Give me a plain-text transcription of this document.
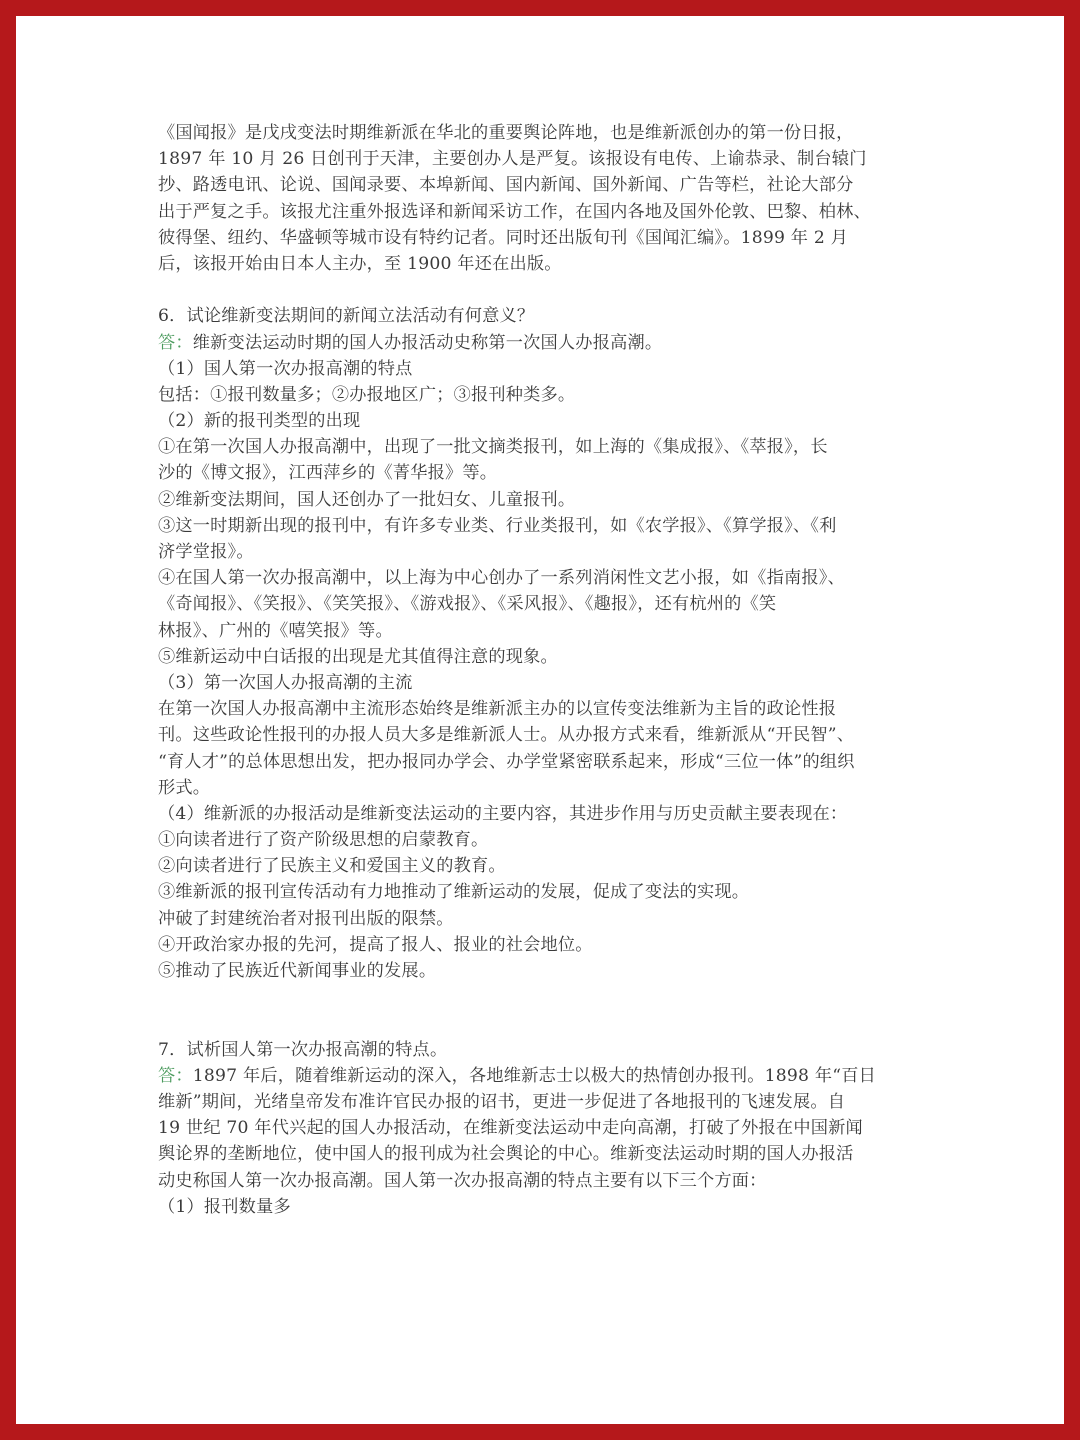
《国闻报》是戊戌变法时期维新派在华北的重要舆论阵地，也是维新派创办的第一份日报，
1897 年 10 月 26 日创刊于天津，主要创办人是严复。该报设有电传、上谕恭录、制台辕门
抄、路透电讯、论说、国闻录要、本埠新闻、国内新闻、国外新闻、广告等栏，社论大部分
出于严复之手。该报尤注重外报选译和新闻采访工作，在国内各地及国外伦敦、巴黎、柏林、
彼得堡、纽约、华盛顿等城市设有特约记者。同时还出版旬刊《国闻汇编》。1899 年 2 月
后，该报开始由日本人主办，至 1900 年还在出版。
6．试论维新变法期间的新闻立法活动有何意义？
答：维新变法运动时期的国人办报活动史称第一次国人办报高潮。
（1）国人第一次办报高潮的特点
包括：①报刊数量多；②办报地区广；③报刊种类多。
（2）新的报刊类型的出现
①在第一次国人办报高潮中，出现了一批文摘类报刊，如上海的《集成报》、《萃报》，长
沙的《博文报》，江西萍乡的《菁华报》等。
②维新变法期间，国人还创办了一批妇女、儿童报刊。
③这一时期新出现的报刊中，有许多专业类、行业类报刊，如《农学报》、《算学报》、《利
济学堂报》。
④在国人第一次办报高潮中，以上海为中心创办了一系列消闲性文艺小报，如《指南报》、
《奇闻报》、《笑报》、《笑笑报》、《游戏报》、《采风报》、《趣报》，还有杭州的《笑
林报》、广州的《嘻笑报》等。
⑤维新运动中白话报的出现是尤其值得注意的现象。
（3）第一次国人办报高潮的主流
在第一次国人办报高潮中主流形态始终是维新派主办的以宣传变法维新为主旨的政论性报
刊。这些政论性报刊的办报人员大多是维新派人士。从办报方式来看，维新派从“开民智”、
“育人才”的总体思想出发，把办报同办学会、办学堂紧密联系起来，形成“三位一体”的组织
形式。
（4）维新派的办报活动是维新变法运动的主要内容，其进步作用与历史贡献主要表现在：
①向读者进行了资产阶级思想的启蒙教育。
②向读者进行了民族主义和爱国主义的教育。
③维新派的报刊宣传活动有力地推动了维新运动的发展，促成了变法的实现。
冲破了封建统治者对报刊出版的限禁。
④开政治家办报的先河，提高了报人、报业的社会地位。
⑤推动了民族近代新闻事业的发展。
7．试析国人第一次办报高潮的特点。
答：1897 年后，随着维新运动的深入，各地维新志士以极大的热情创办报刊。1898 年“百日
维新”期间，光绪皇帝发布准许官民办报的诏书，更进一步促进了各地报刊的飞速发展。自
19 世纪 70 年代兴起的国人办报活动，在维新变法运动中走向高潮，打破了外报在中国新闻
舆论界的垄断地位，使中国人的报刊成为社会舆论的中心。维新变法运动时期的国人办报活
动史称国人第一次办报高潮。国人第一次办报高潮的特点主要有以下三个方面：
（1）报刊数量多
